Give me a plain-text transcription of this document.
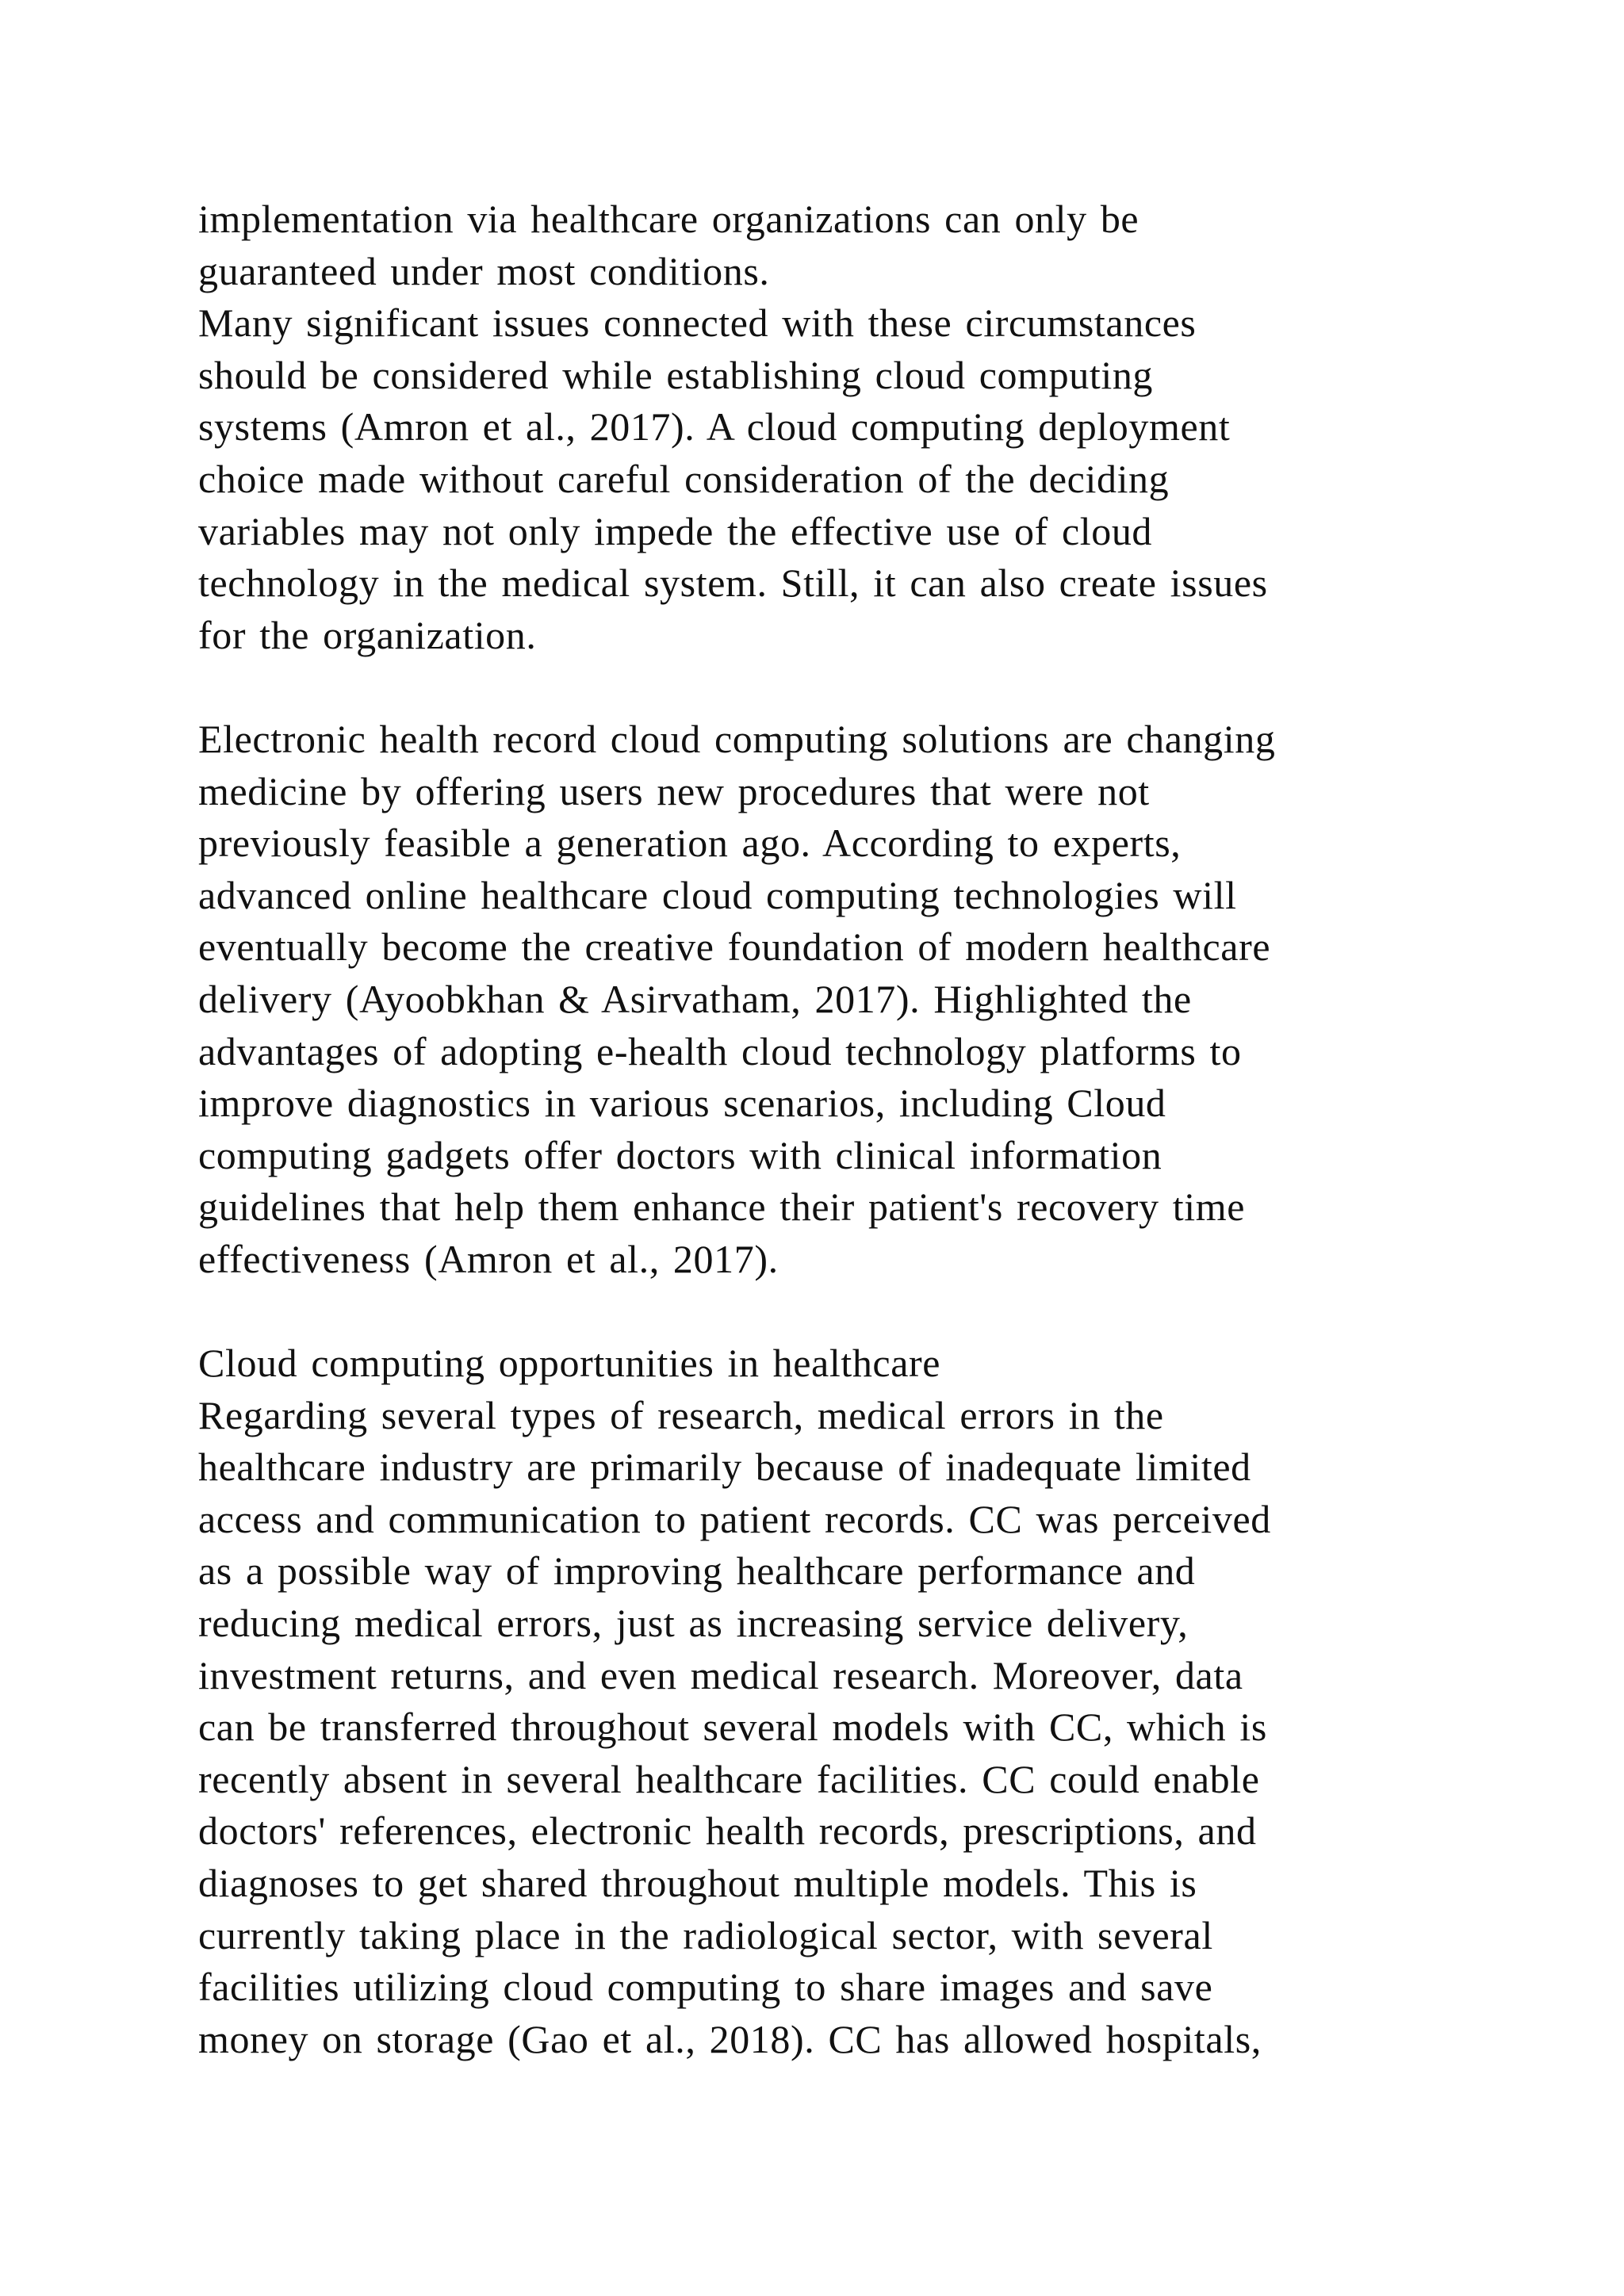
implementation via healthcare organizations can only be
guaranteed under most conditions.
Many significant issues connected with these circumstances
should be considered while establishing cloud computing
systems (Amron et al., 2017). A cloud computing deployment
choice made without careful consideration of the deciding
variables may not only impede the effective use of cloud
technology in the medical system. Still, it can also create issues
for the organization.
Electronic health record cloud computing solutions are changing
medicine by offering users new procedures that were not
previously feasible a generation ago. According to experts,
advanced online healthcare cloud computing technologies will
eventually become the creative foundation of modern healthcare
delivery (Ayoobkhan & Asirvatham, 2017). Highlighted the
advantages of adopting e-health cloud technology platforms to
improve diagnostics in various scenarios, including Cloud
computing gadgets offer doctors with clinical information
guidelines that help them enhance their patient's recovery time
effectiveness (Amron et al., 2017).
Cloud computing opportunities in healthcare
Regarding several types of research, medical errors in the
healthcare industry are primarily because of inadequate limited
access and communication to patient records. CC was perceived
as a possible way of improving healthcare performance and
reducing medical errors, just as increasing service delivery,
investment returns, and even medical research. Moreover, data
can be transferred throughout several models with CC, which is
recently absent in several healthcare facilities. CC could enable
doctors' references, electronic health records, prescriptions, and
diagnoses to get shared throughout multiple models. This is
currently taking place in the radiological sector, with several
facilities utilizing cloud computing to share images and save
money on storage (Gao et al., 2018). CC has allowed hospitals,
